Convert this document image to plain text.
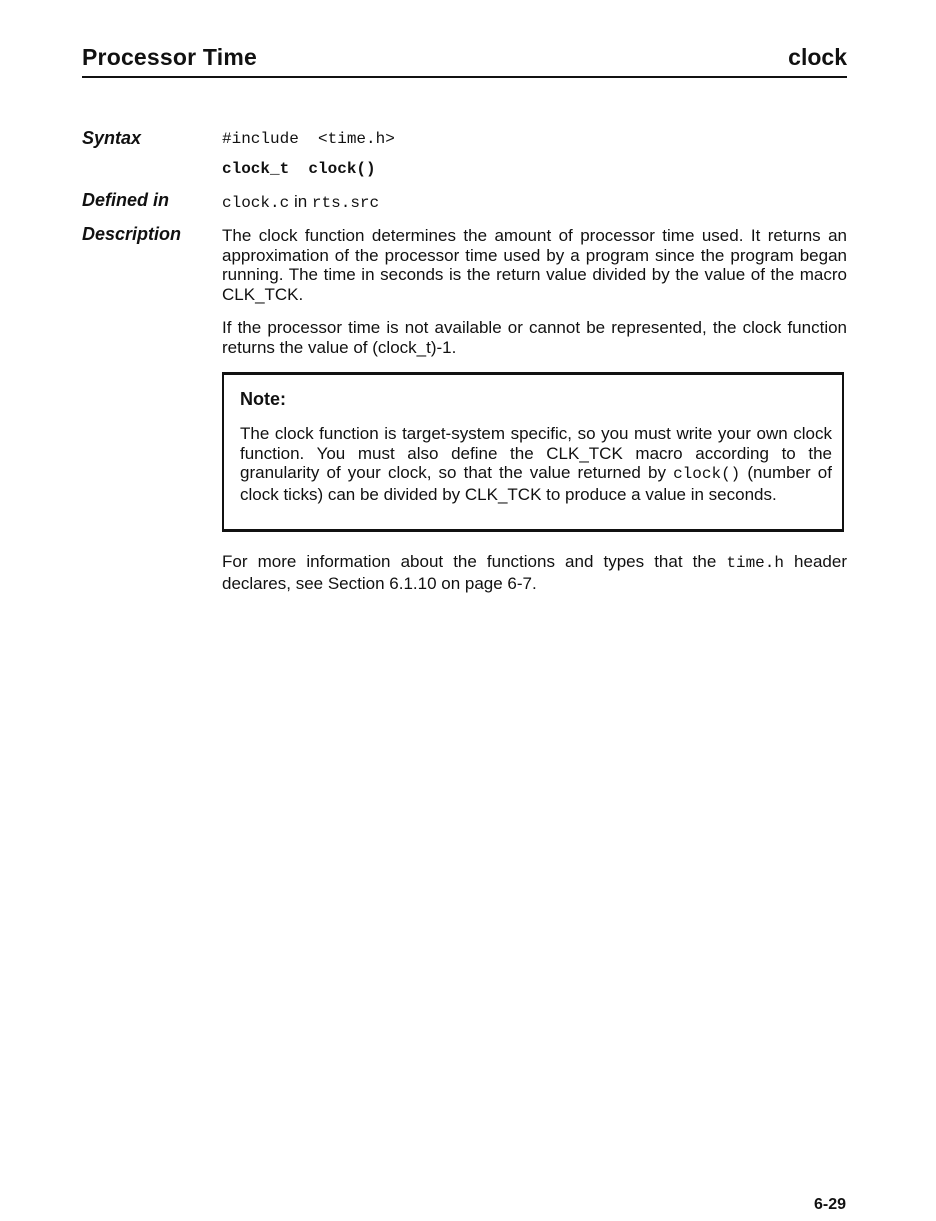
Processor Time	clock
Syntax	#include  <time.h>
clock_t  clock()
Defined in	clock.c in rts.src
Description The clock function determines the amount of processor time used. It returns an approximation of the processor time used by a program since the program began running. The time in seconds is the return value divided by the value of the macro CLK_TCK.
If the processor time is not available or cannot be represented, the clock function returns the value of (clock_t)-1.
Note:
The clock function is target-system specific, so you must write your own clock function. You must also define the CLK_TCK macro according to the granularity of your clock, so that the value returned by clock() (number of clock ticks) can be divided by CLK_TCK to produce a value in seconds.
For more information about the functions and types that the time.h header declares, see Section 6.1.10 on page 6-7.
6-29
